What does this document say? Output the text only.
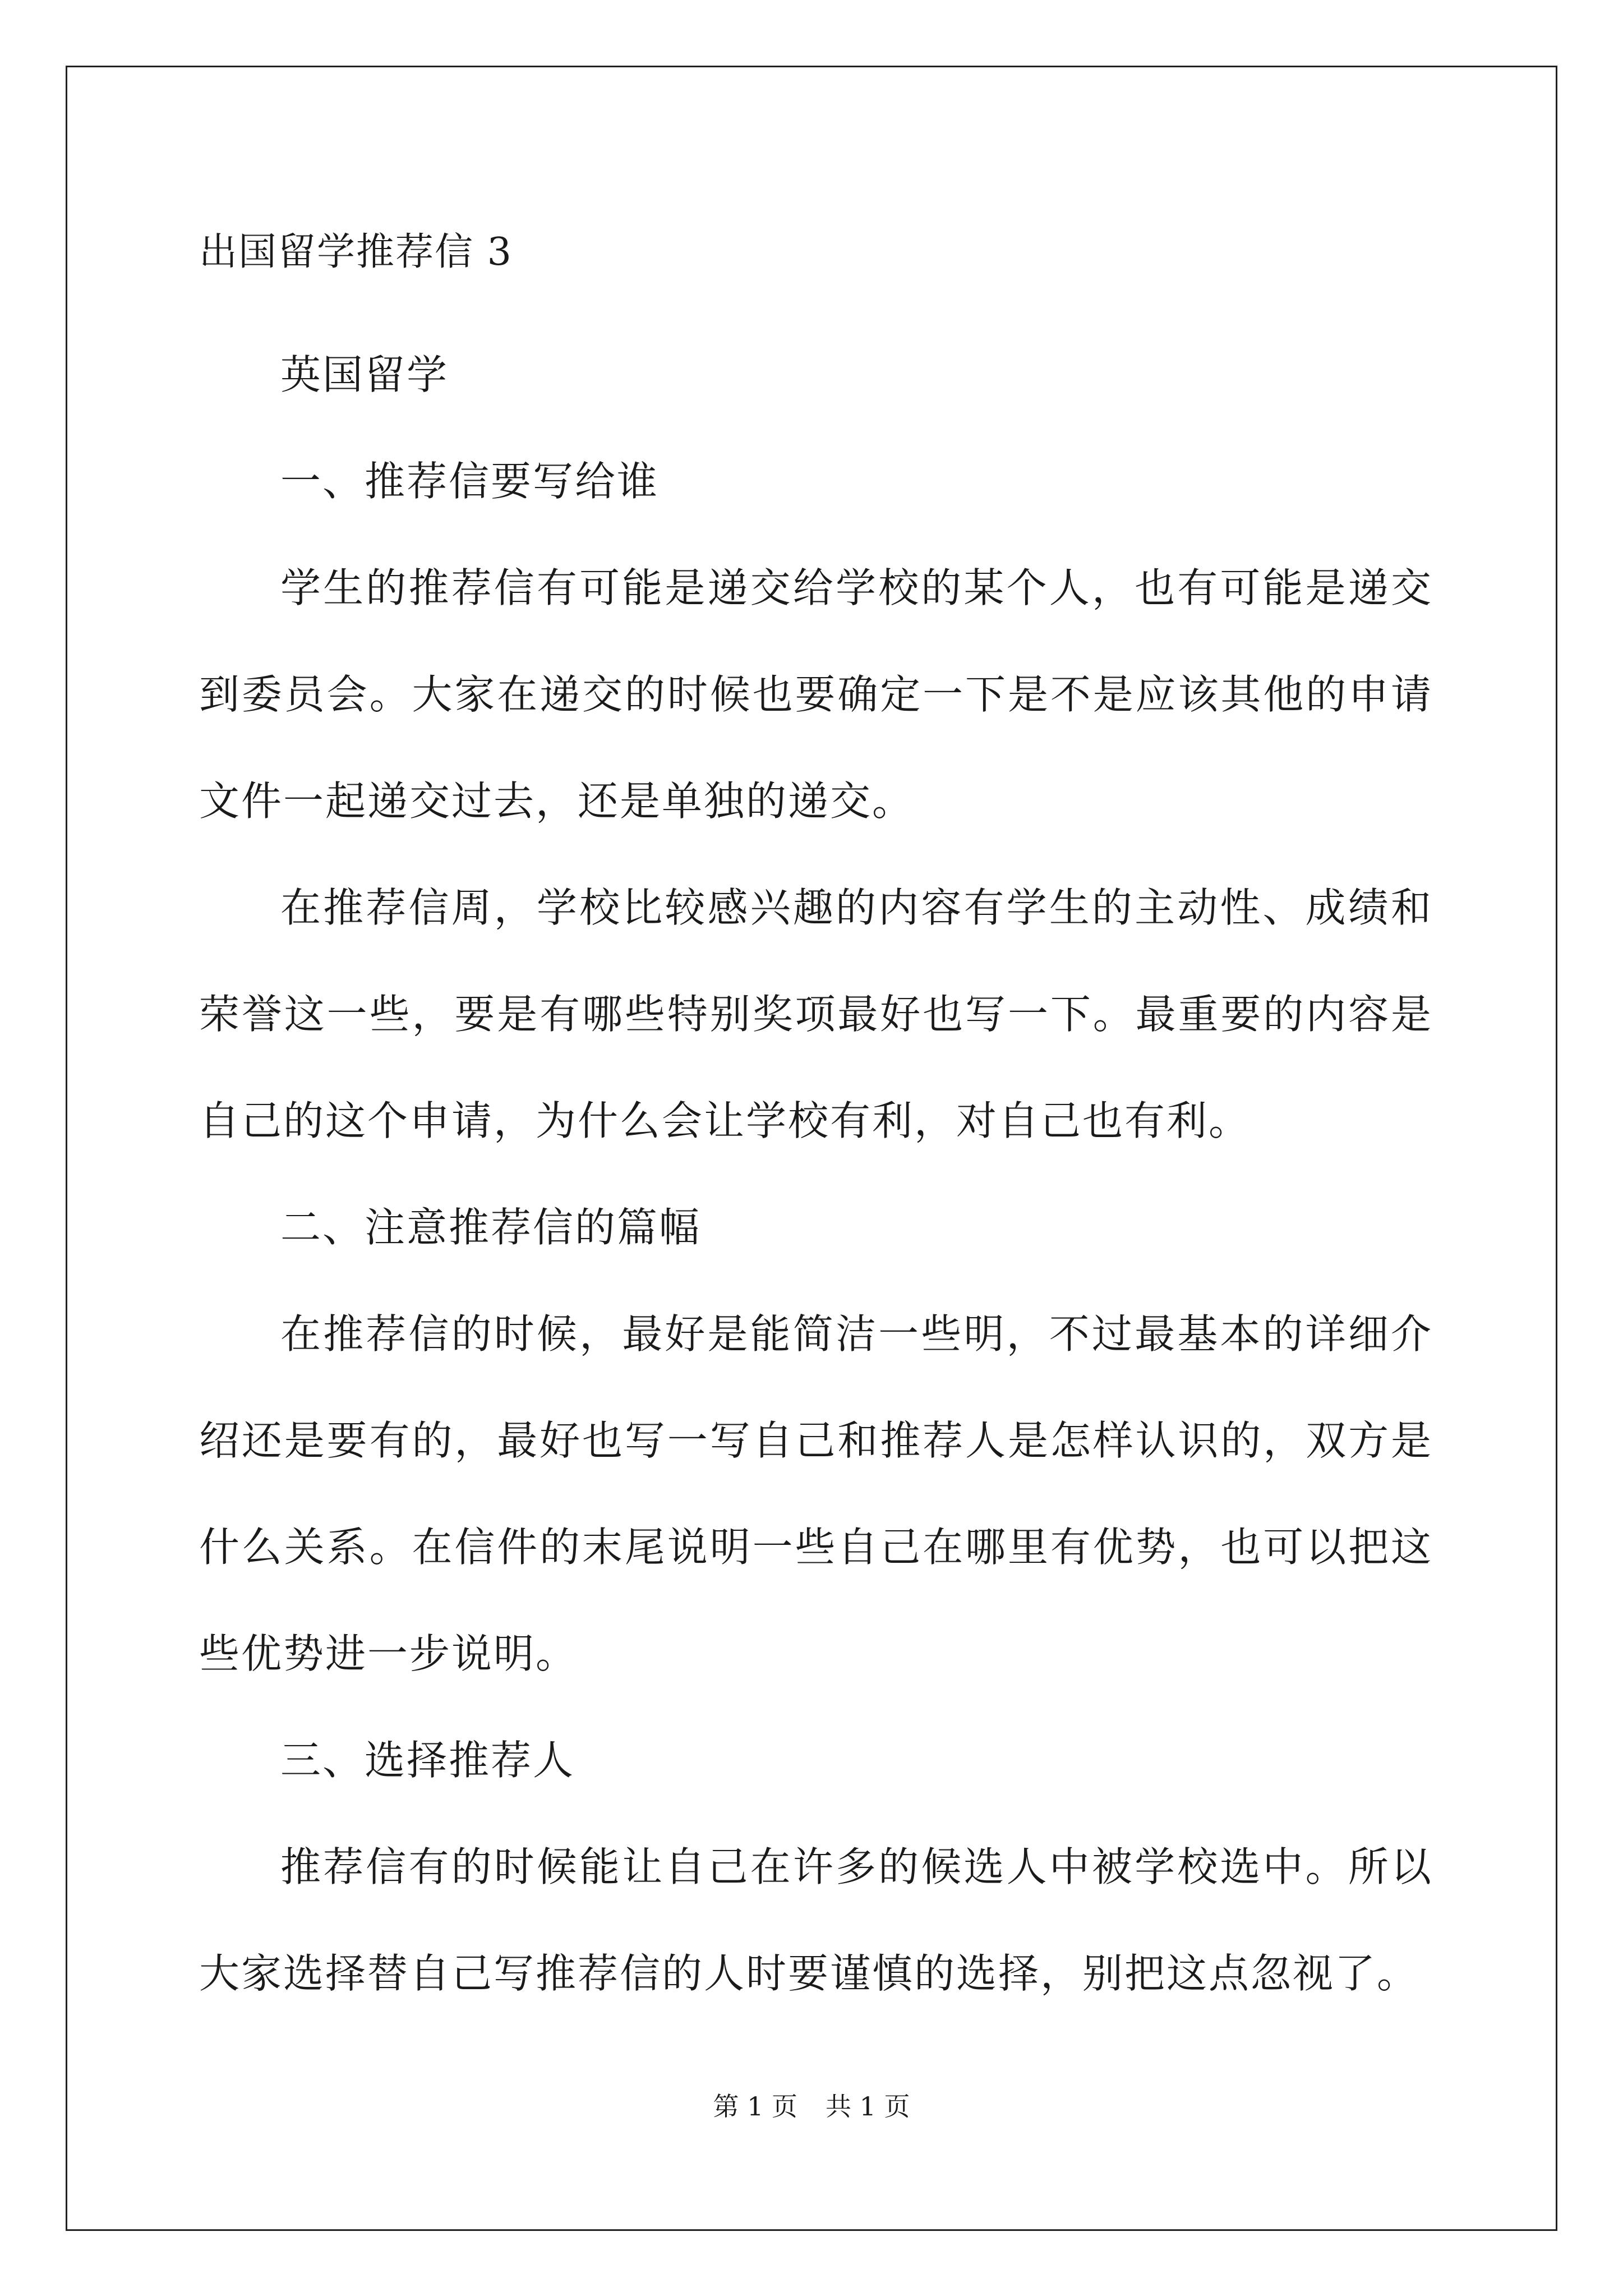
出国留学推荐信 3
英国留学
一、推荐信要写给谁

学生的推荐信有可能是递交给学校的某个人，也有可能是递交到委员会。大家在递交的时候也要确定一下是不是应该其他的申请文件一起递交过去，还是单独的递交。

在推荐信周，学校比较感兴趣的内容有学生的主动性、成绩和荣誉这一些，要是有哪些特别奖项最好也写一下。最重要的内容是自己的这个申请，为什么会让学校有利，对自己也有利。

二、注意推荐信的篇幅

在推荐信的时候，最好是能简洁一些明，不过最基本的详细介绍还是要有的，最好也写一写自己和推荐人是怎样认识的，双方是什么关系。在信件的末尾说明一些自己在哪里有优势，也可以把这些优势进一步说明。

三、选择推荐人

推荐信有的时候能让自己在许多的候选人中被学校选中。所以大家选择替自己写推荐信的人时要谨慎的选择，别把这点忽视了。

第 1 页 共 1 页
